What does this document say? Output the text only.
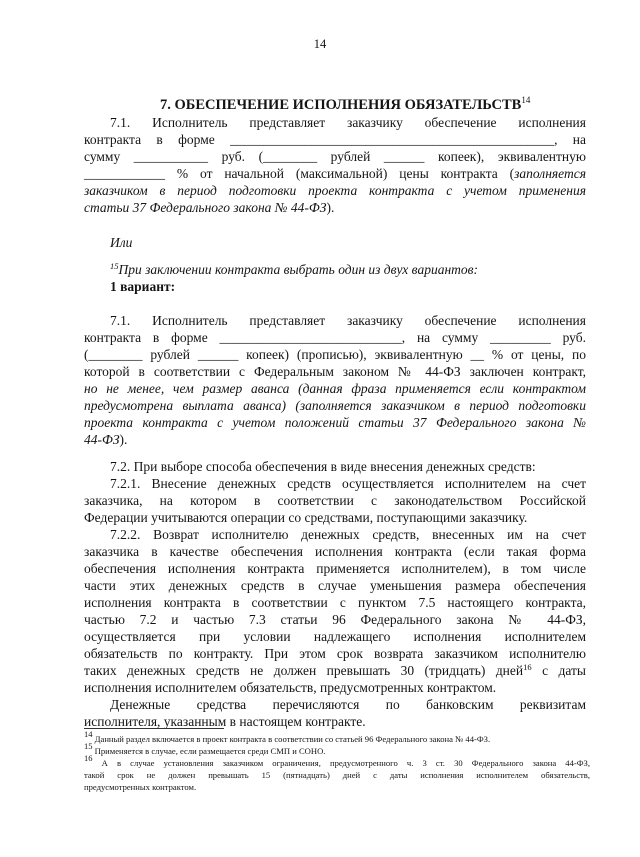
14
7. ОБЕСПЕЧЕНИЕ ИСПОЛНЕНИЯ ОБЯЗАТЕЛЬСТВ$^{14}$
7.1. Исполнитель представляет заказчику обеспечение исполнения
контракта в форме ________________________________________________, на
сумму ___________ руб. (________ рублей ______ копеек), эквивалентную
____________ % от начальной (максимальной) цены контракта (заполняется
заказчиком в период подготовки проекта контракта с учетом применения
статьи 37 Федерального закона № 44-ФЗ).
Или
$^{15}$При заключении контракта выбрать один из двух вариантов:
1 вариант:
7.1. Исполнитель представляет заказчику обеспечение исполнения
контракта в форме ___________________________, на сумму _________ руб.
(________ рублей ______ копеек) (прописью), эквивалентную __ % от цены, по
которой в соответствии с Федеральным законом № 44-ФЗ заключен контракт,
но не менее, чем размер аванса (данная фраза применяется если контрактом
предусмотрена выплата аванса) (заполняется заказчиком в период подготовки
проекта контракта с учетом положений статьи 37 Федерального закона №
44-ФЗ).
7.2. При выборе способа обеспечения в виде внесения денежных средств:
7.2.1. Внесение денежных средств осуществляется исполнителем на счет
заказчика, на котором в соответствии с законодательством Российской
Федерации учитываются операции со средствами, поступающими заказчику.
7.2.2. Возврат исполнителю денежных средств, внесенных им на счет
заказчика в качестве обеспечения исполнения контракта (если такая форма
обеспечения исполнения контракта применяется исполнителем), в том числе
части этих денежных средств в случае уменьшения размера обеспечения
исполнения контракта в соответствии с пунктом 7.5 настоящего контракта,
частью 7.2 и частью 7.3 статьи 96 Федерального закона № 44-ФЗ,
осуществляется при условии надлежащего исполнения исполнителем
обязательств по контракту. При этом срок возврата заказчиком исполнителю
таких денежных средств не должен превышать 30 (тридцать) дней$^{16}$ с даты
исполнения исполнителем обязательств, предусмотренных контрактом.
Денежные средства перечисляются по банковским реквизитам
исполнителя, указанным в настоящем контракте.
$^{14}$ Данный раздел включается в проект контракта в соответствии со статьей 96 Федерального закона № 44-ФЗ.
$^{15}$ Применяется в случае, если размещается среди СМП и СОНО.
$^{16}$ А в случае установления заказчиком ограничения, предусмотренного ч. 3 ст. 30 Федерального закона 44-ФЗ,
такой срок не должен превышать 15 (пятнадцать) дней с даты исполнения исполнителем обязательств,
предусмотренных контрактом.
